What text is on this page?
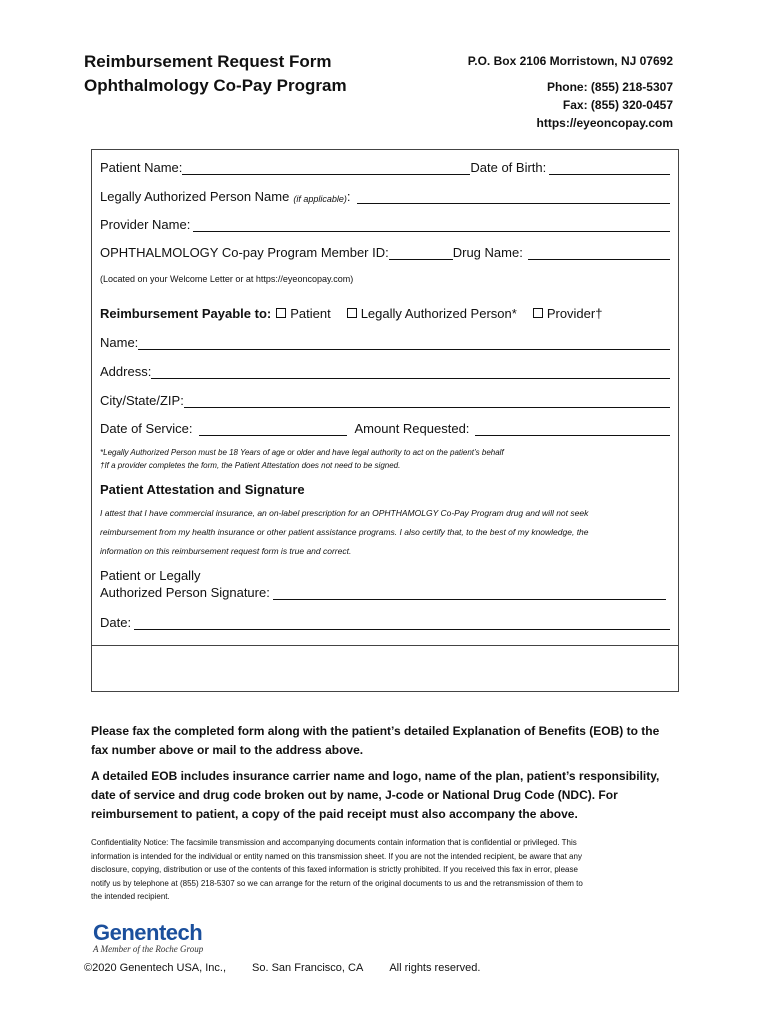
Reimbursement Request Form
Ophthalmology Co-Pay Program
P.O. Box 2106 Morristown, NJ 07692
Phone: (855) 218-5307
Fax: (855) 320-0457
https://eyeoncopay.com
Patient Name:	Date of Birth:
Legally Authorized Person Name (if applicable) :
Provider Name:
OPHTHALMOLOGY Co-pay Program Member ID:	Drug Name:
(Located on your Welcome Letter or at https://eyeoncopay.com)
Reimbursement Payable to: Patient Legally Authorized Person* Provider†
Name:
Address:
City/State/ZIP:
Date of Service:	Amount Requested:
*Legally Authorized Person must be 18 Years of age or older and have legal authority to act on the patient’s behalf
†If a provider completes the form, the Patient Attestation does not need to be signed.
Patient Attestation and Signature
I attest that I have commercial insurance, an on-label prescription for an OPHTHAMOLGY Co-Pay Program drug and will not seek
reimbursement from my health insurance or other patient assistance programs. I also certify that, to the best of my knowledge, the
information on this reimbursement request form is true and correct.
Patient or Legally
Authorized Person Signature:
Date:
Please fax the completed form along with the patient’s detailed Explanation of Benefits (EOB) to the
fax number above or mail to the address above.
A detailed EOB includes insurance carrier name and logo, name of the plan, patient’s responsibility,
date of service and drug code broken out by name, J-code or National Drug Code (NDC). For
reimbursement to patient, a copy of the paid receipt must also accompany the above.
Confidentiality Notice: The facsimile transmission and accompanying documents contain information that is confidential or privileged. This
information is intended for the individual or entity named on this transmission sheet. If you are not the intended recipient, be aware that any
disclosure, copying, distribution or use of the contents of this faxed information is strictly prohibited. If you received this fax in error, please
notify us by telephone at (855) 218-5307 so we can arrange for the return of the original documents to us and the retransmission of them to
the intended recipient.
Genentech
A Member of the Roche Group
©2020 Genentech USA, Inc., So. San Francisco, CA All rights reserved.
